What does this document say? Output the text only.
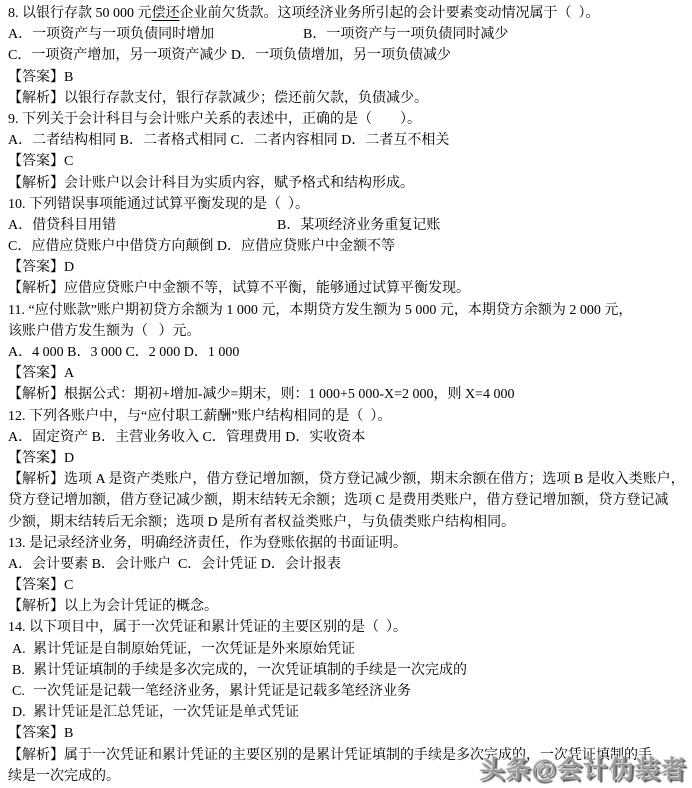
8. 以银行存款 50 000 元偿还企业前欠货款。这项经济业务所引起的会计要素变动情况属于（  ）。
A．一项资产与一项负债同时增加	B．一项资产与一项负债同时减少
C．一项资产增加，另一项资产减少 D．一项负债增加，另一项负债减少
【答案】B
【解析】以银行存款支付，银行存款减少；偿还前欠款，负债减少。
9. 下列关于会计科目与会计账户关系的表述中，正确的是（        ）。
A．二者结构相同 B．二者格式相同 C．二者内容相同 D．二者互不相关
【答案】C
【解析】会计账户以会计科目为实质内容，赋予格式和结构形成。
10. 下列错误事项能通过试算平衡发现的是（  ）。
A．借贷科目用错	B．某项经济业务重复记账
C．应借应贷账户中借贷方向颠倒 D．应借应贷账户中金额不等
【答案】D
【解析】应借应贷账户中金额不等，试算不平衡，能够通过试算平衡发现。
11. “应付账款”账户期初贷方余额为 1 000 元，本期贷方发生额为 5 000 元，本期贷方余额为 2 000 元，
该账户借方发生额为（   ）元。
A．4 000 B．3 000 C．2 000 D．1 000
【答案】A
【解析】根据公式：期初+增加-减少=期末，则：1 000+5 000-X=2 000，则 X=4 000
12. 下列各账户中，与“应付职工薪酬”账户结构相同的是（  ）。
A．固定资产 B．主营业务收入 C．管理费用 D．实收资本
【答案】D
【解析】选项 A 是资产类账户，借方登记增加额，贷方登记减少额，期末余额在借方；选项 B 是收入类账户，
贷方登记增加额，借方登记减少额，期末结转无余额；选项 C 是费用类账户，借方登记增加额，贷方登记减
少额，期末结转后无余额；选项 D 是所有者权益类账户，与负债类账户结构相同。
13. 是记录经济业务，明确经济责任，作为登账依据的书面证明。
A．会计要素 B．会计账户  C．会计凭证 D．会计报表
【答案】C
【解析】以上为会计凭证的概念。
14. 以下项目中，属于一次凭证和累计凭证的主要区别的是（  ）。
A. 累计凭证是自制原始凭证，一次凭证是外来原始凭证
B. 累计凭证填制的手续是多次完成的，一次凭证填制的手续是一次完成的
C. 一次凭证是记载一笔经济业务，累计凭证是记载多笔经济业务
D. 累计凭证是汇总凭证，一次凭证是单式凭证
【答案】B
【解析】属于一次凭证和累计凭证的主要区别的是累计凭证填制的手续是多次完成的，一次凭证填制的手
续是一次完成的。	头条@会计伪装者
